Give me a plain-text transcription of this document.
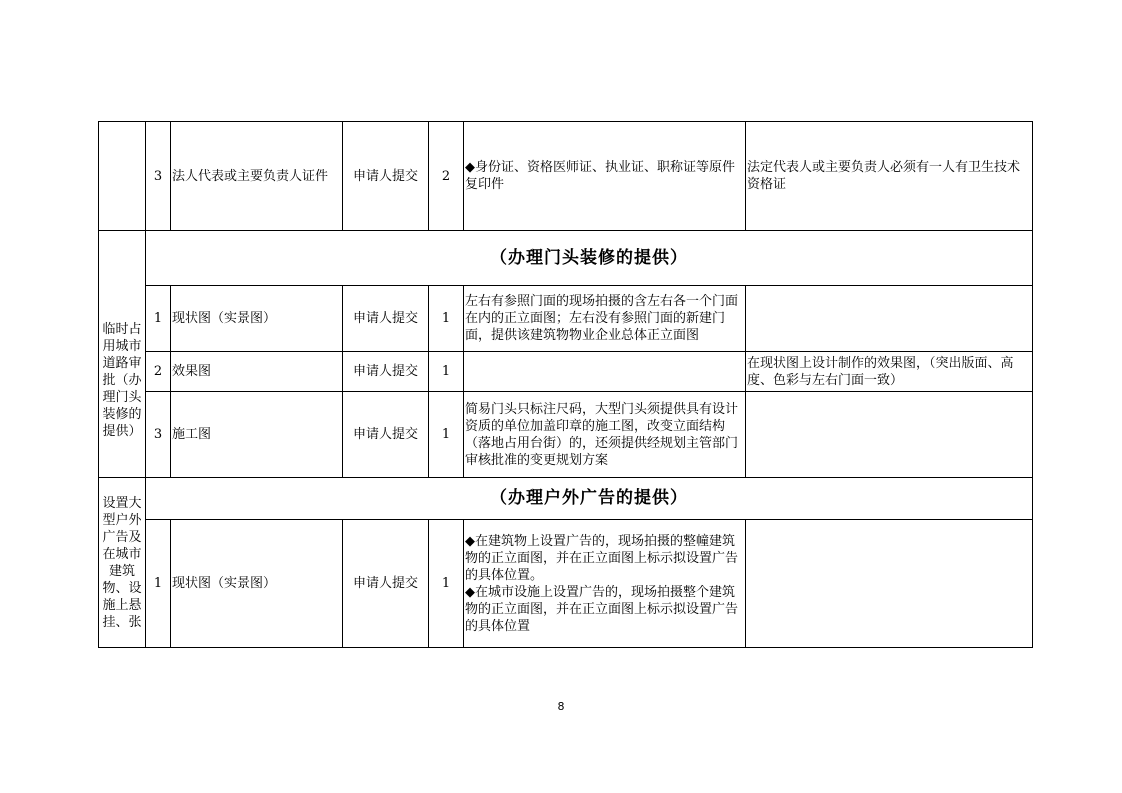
	3	法人代表或主要负责人证件	申请人提交	2	◆身份证、资格医师证、执业证、职称证等原件复印件	法定代表人或主要负责人必须有一人有卫生技术资格证
临时占用城市道路审批（办理门头装修的提供）	（办理门头装修的提供）					
	1	现状图（实景图）	申请人提交	1	左右有参照门面的现场拍摄的含左右各一个门面在内的正立面图；左右没有参照门面的新建门面，提供该建筑物物业企业总体正立面图	
	2	效果图	申请人提交	1		在现状图上设计制作的效果图，（突出版面、高度、色彩与左右门面一致）
	3	施工图	申请人提交	1	简易门头只标注尺码，大型门头须提供具有设计资质的单位加盖印章的施工图，改变立面结构（落地占用台街）的，还须提供经规划主管部门审核批准的变更规划方案	
设置大型户外广告及在城市建筑物、设施上悬挂、张	（办理户外广告的提供）					
	1	现状图（实景图）	申请人提交	1	◆在建筑物上设置广告的，现场拍摄的整幢建筑物的正立面图，并在正立面图上标示拟设置广告的具体位置。
◆在城市设施上设置广告的，现场拍摄整个建筑物的正立面图，并在正立面图上标示拟设置广告的具体位置	

8
